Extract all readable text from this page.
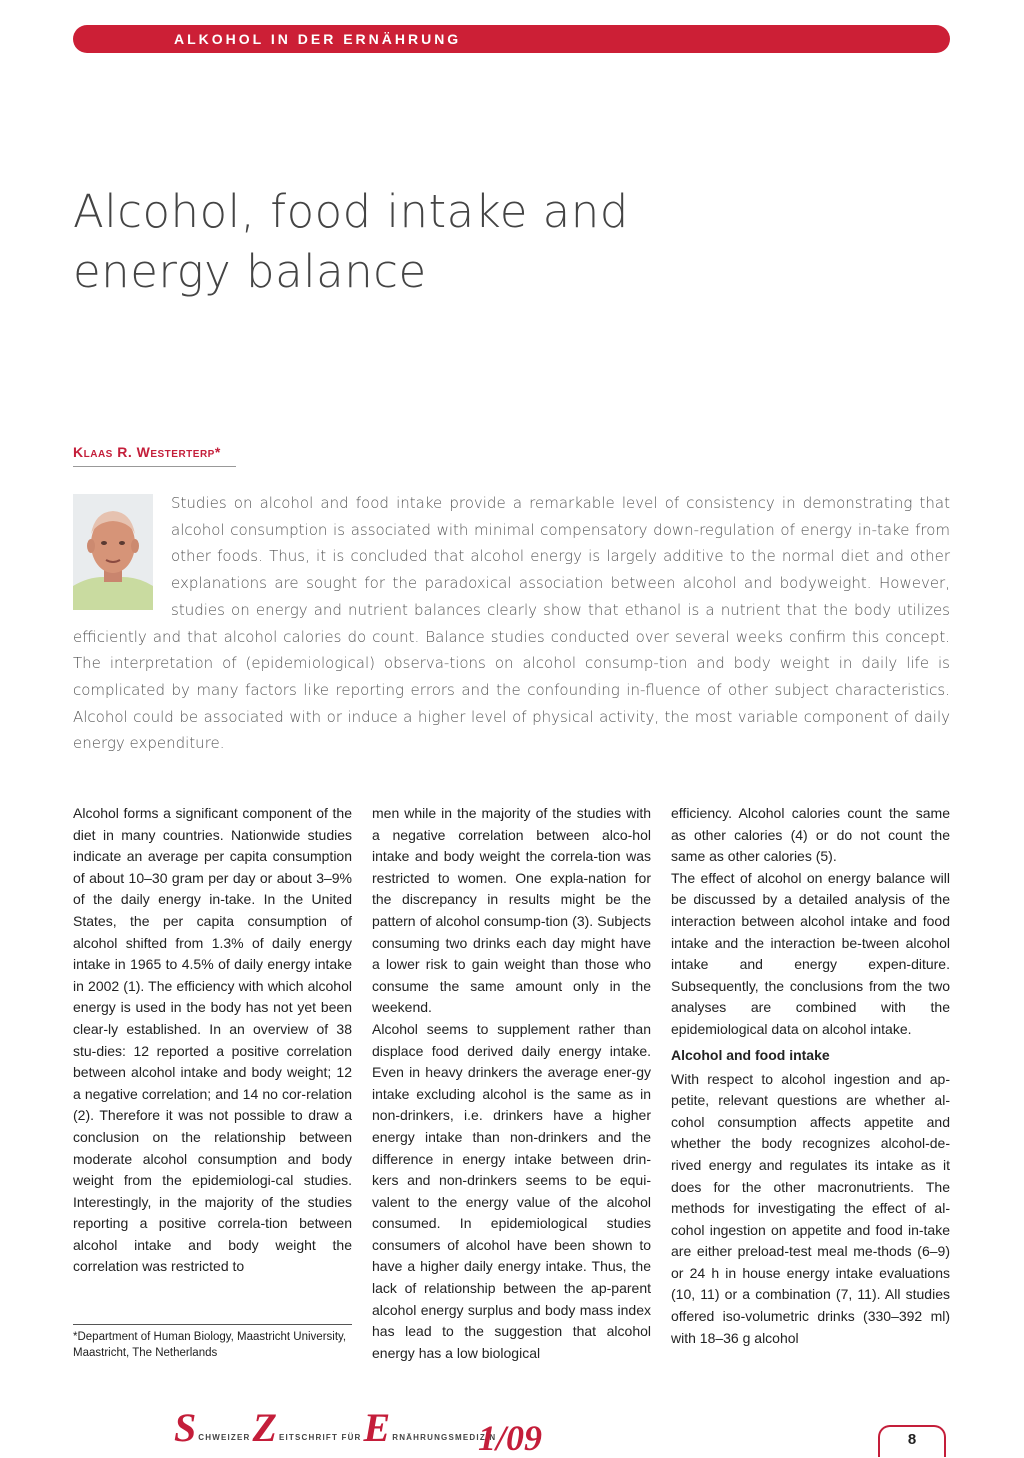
ALKOHOL IN DER ERNÄHRUNG
Alcohol, food intake and
energy balance
Klaas R. Westerterp*

Studies on alcohol and food intake provide a remarkable level of consistency in demonstrating that alcohol consumption is associated with minimal compensatory down-regulation of energy in-take from other foods. Thus, it is concluded that alcohol energy is largely additive to the normal diet and other explanations are sought for the paradoxical association between alcohol and bodyweight. However, studies on energy and nutrient balances clearly show that ethanol is a nutrient that the body utilizes efficiently and that alcohol calories do count. Balance studies conducted over several weeks confirm this concept. The interpretation of (epidemiological) observa-tions on alcohol consump-tion and body weight in daily life is complicated by many factors like reporting errors and the confounding in-fluence of other subject characteristics. Alcohol could be associated with or induce a higher level of physical activity, the most variable component of daily energy expenditure.

Alcohol forms a significant component of the diet in many countries. Nationwide studies indicate an average per capita consumption of about 10–30 gram per day or about 3–9% of the daily energy in-take. In the United States, the per capita consumption of alcohol shifted from 1.3% of daily energy intake in 1965 to 4.5% of daily energy intake in 2002 (1). The efficiency with which alcohol energy is used in the body has not yet been clear-ly established. In an overview of 38 stu-dies: 12 reported a positive correlation between alcohol intake and body weight; 12 a negative correlation; and 14 no cor-relation (2). Therefore it was not possible to draw a conclusion on the relationship between moderate alcohol consumption and body weight from the epidemiologi-cal studies. Interestingly, in the majority of the studies reporting a positive correla-tion between alcohol intake and body weight the correlation was restricted to

*Department of Human Biology, Maastricht University, Maastricht, The Netherlands

men while in the majority of the studies with a negative correlation between alco-hol intake and body weight the correla-tion was restricted to women. One expla-nation for the discrepancy in results might be the pattern of alcohol consump-tion (3). Subjects consuming two drinks each day might have a lower risk to gain weight than those who consume the same amount only in the weekend.

Alcohol seems to supplement rather than displace food derived daily energy intake. Even in heavy drinkers the average ener-gy intake excluding alcohol is the same as in non-drinkers, i.e. drinkers have a higher energy intake than non-drinkers and the difference in energy intake between drin-kers and non-drinkers seems to be equi-valent to the energy value of the alcohol consumed. In epidemiological studies consumers of alcohol have been shown to have a higher daily energy intake. Thus, the lack of relationship between the ap-parent alcohol energy surplus and body mass index has lead to the suggestion that alcohol energy has a low biological

efficiency. Alcohol calories count the same as other calories (4) or do not count the same as other calories (5).

The effect of alcohol on energy balance will be discussed by a detailed analysis of the interaction between alcohol intake and food intake and the interaction be-tween alcohol intake and energy expen-diture. Subsequently, the conclusions from the two analyses are combined with the epidemiological data on alcohol intake.

Alcohol and food intake

With respect to alcohol ingestion and ap-petite, relevant questions are whether al-cohol consumption affects appetite and whether the body recognizes alcohol-de-rived energy and regulates its intake as it does for the other macronutrients. The methods for investigating the effect of al-cohol ingestion on appetite and food in-take are either preload-test meal me-thods (6–9) or 24 h in house energy intake evaluations (10, 11) or a combination (7, 11). All studies offered iso-volumetric drinks (330–392 ml) with 18–36 g alcohol

S CHWEIZER Z EITSCHRIFT FÜR E RNÄHRUNGSMEDIZIN
1/09	8
